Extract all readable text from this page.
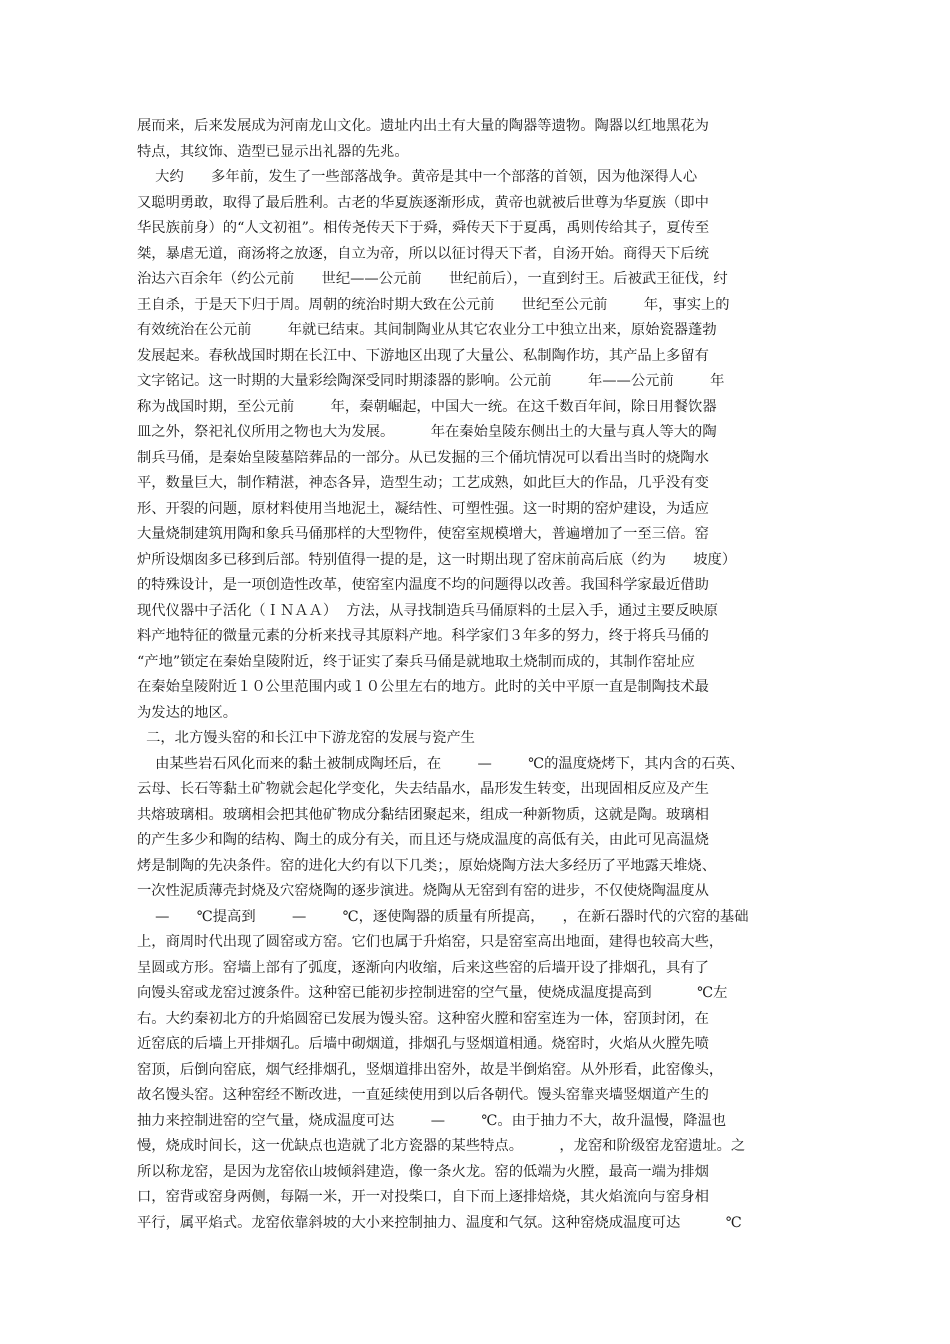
展而来，后来发展成为河南龙山文化。遗址内出土有大量的陶器等遗物。陶器以红地黑花为
特点，其纹饰、造型已显示出礼器的先兆。
大约      多年前，发生了一些部落战争。黄帝是其中一个部落的首领，因为他深得人心
又聪明勇敢，取得了最后胜利。古老的华夏族逐渐形成，黄帝也就被后世尊为华夏族（即中
华民族前身）的“人文初祖”。相传尧传天下于舜，舜传天下于夏禹，禹则传给其子，夏传至
桀，暴虐无道，商汤将之放逐，自立为帝，所以以征讨得天下者，自汤开始。商得天下后统
治达六百余年（约公元前      世纪——公元前      世纪前后），一直到纣王。后被武王征伐，纣
王自杀，于是天下归于周。周朝的统治时期大致在公元前      世纪至公元前        年，事实上的
有效统治在公元前        年就已结束。其间制陶业从其它农业分工中独立出来，原始瓷器蓬勃
发展起来。春秋战国时期在长江中、下游地区出现了大量公、私制陶作坊，其产品上多留有
文字铭记。这一时期的大量彩绘陶深受同时期漆器的影响。公元前        年——公元前        年
称为战国时期，至公元前        年，秦朝崛起，中国大一统。在这千数百年间，除日用餐饮器
皿之外，祭祀礼仪所用之物也大为发展。        年在秦始皇陵东侧出土的大量与真人等大的陶
制兵马俑，是秦始皇陵墓陪葬品的一部分。从已发掘的三个俑坑情况可以看出当时的烧陶水
平，数量巨大，制作精湛，神态各异，造型生动；工艺成熟，如此巨大的作品，几乎没有变
形、开裂的问题，原材料使用当地泥土，凝结性、可塑性强。这一时期的窑炉建设，为适应
大量烧制建筑用陶和象兵马俑那样的大型物件，使窑室规模增大，普遍增加了一至三倍。窑
炉所设烟囱多已移到后部。特别值得一提的是，这一时期出现了窑床前高后底（约为      坡度）
的特殊设计，是一项创造性改革，使窑室内温度不均的问题得以改善。我国科学家最近借助
现代仪器中子活化（ＩＮＡＡ）  方法，从寻找制造兵马俑原料的土层入手，通过主要反映原
料产地特征的微量元素的分析来找寻其原料产地。科学家们３年多的努力，终于将兵马俑的
“产地”锁定在秦始皇陵附近，终于证实了秦兵马俑是就地取土烧制而成的，其制作窑址应
在秦始皇陵附近１０公里范围内或１０公里左右的地方。此时的关中平原一直是制陶技术最
为发达的地区。
二，北方馒头窑的和长江中下游龙窑的发展与瓷产生
由某些岩石风化而来的黏土被制成陶坯后，在        —        ℃的温度烧烤下，其内含的石英、
云母、长石等黏土矿物就会起化学变化，失去结晶水，晶形发生转变，出现固相反应及产生
共熔玻璃相。玻璃相会把其他矿物成分黏结团聚起来，组成一种新物质，这就是陶。玻璃相
的产生多少和陶的结构、陶土的成分有关，而且还与烧成温度的高低有关，由此可见高温烧
烤是制陶的先决条件。窑的进化大约有以下几类；，原始烧陶方法大多经历了平地露天堆烧、
一次性泥质薄壳封烧及穴窑烧陶的逐步演进。烧陶从无窑到有窑的进步，不仅使烧陶温度从
—      ℃提高到        —        ℃，逐使陶器的质量有所提高，    ，在新石器时代的穴窑的基础
上，商周时代出现了圆窑或方窑。它们也属于升焰窑，只是窑室高出地面，建得也较高大些，
呈圆或方形。窑墙上部有了弧度，逐渐向内收缩，后来这些窑的后墙开设了排烟孔，具有了
向馒头窑或龙窑过渡条件。这种窑已能初步控制进窑的空气量，使烧成温度提高到          ℃左
右。大约秦初北方的升焰圆窑已发展为馒头窑。这种窑火膛和窑室连为一体，窑顶封闭，在
近窑底的后墙上开排烟孔。后墙中砌烟道，排烟孔与竖烟道相通。烧窑时，火焰从火膛先喷
窑顶，后倒向窑底，烟气经排烟孔，竖烟道排出窑外，故是半倒焰窑。从外形看，此窑像头，
故名馒头窑。这种窑经不断改进，一直延续使用到以后各朝代。馒头窑靠夹墙竖烟道产生的
抽力来控制进窑的空气量，烧成温度可达        —        ℃。由于抽力不大，故升温慢，降温也
慢，烧成时间长，这一优缺点也造就了北方瓷器的某些特点。        ，龙窑和阶级窑龙窑遗址。之
所以称龙窑，是因为龙窑依山坡倾斜建造，像一条火龙。窑的低端为火膛，最高一端为排烟
口，窑背或窑身两侧，每隔一米，开一对投柴口，自下而上逐排焙烧，其火焰流向与窑身相
平行，属平焰式。龙窑依靠斜坡的大小来控制抽力、温度和气氛。这种窑烧成温度可达          ℃
